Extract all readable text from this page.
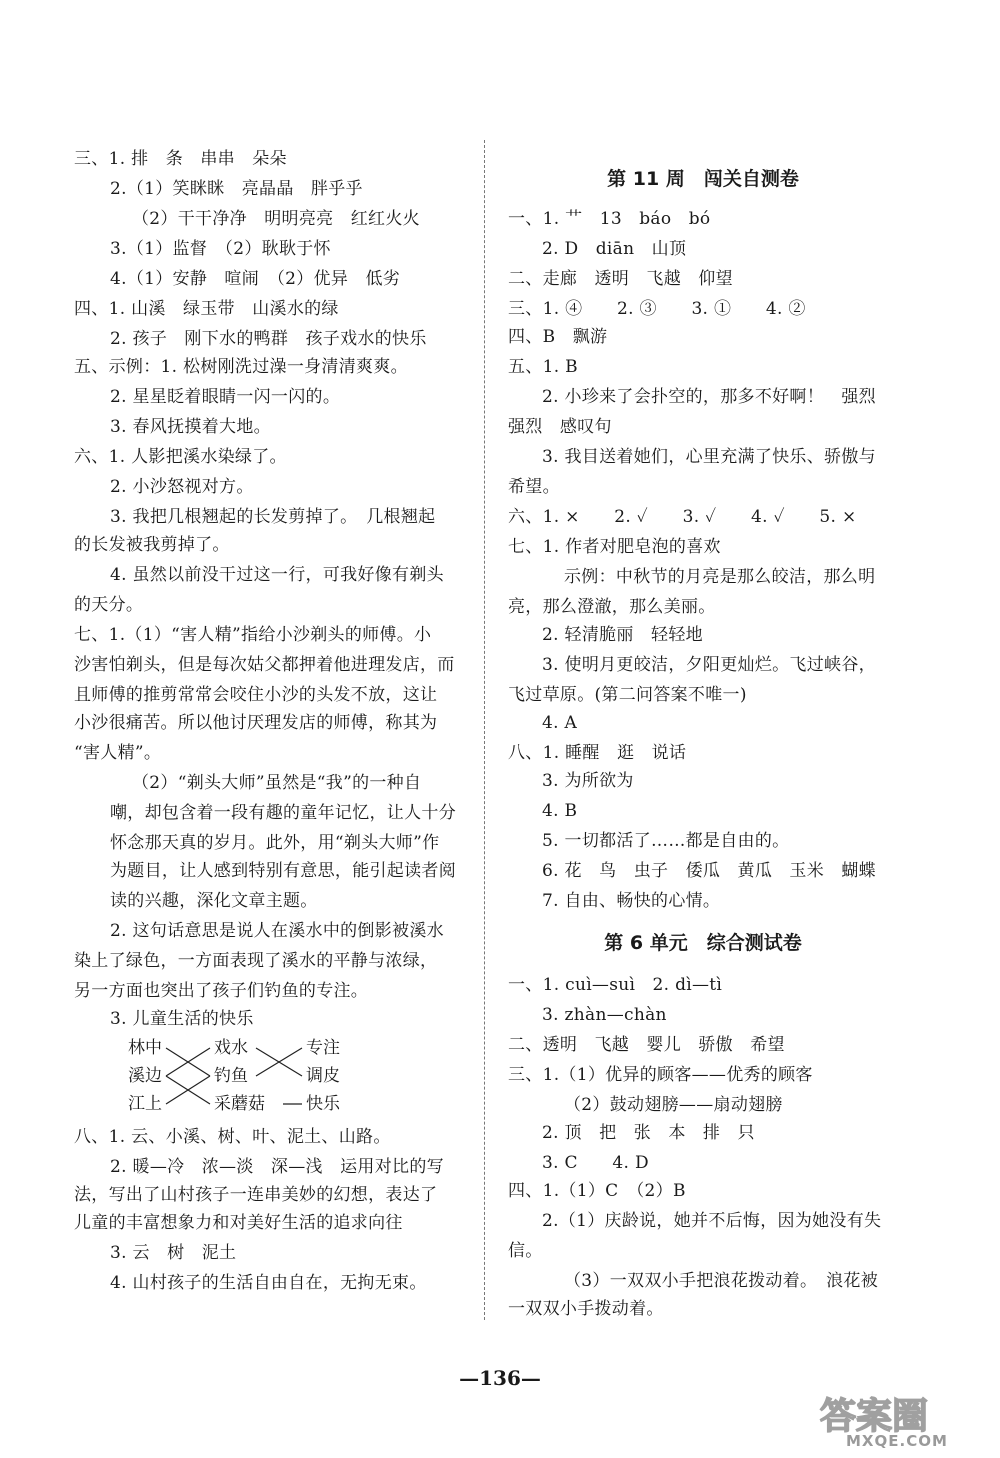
三、1. 排　条　串串　朵朵
2.（1）笑眯眯　亮晶晶　胖乎乎
（2）干干净净　明明亮亮　红红火火
3.（1）监督　（2）耿耿于怀
4.（1）安静　喧闹　（2）优异　低劣
四、1. 山溪　绿玉带　山溪水的绿
2. 孩子　刚下水的鸭群　孩子戏水的快乐
五、示例：1. 松树刚洗过澡一身清清爽爽。
2. 星星眨着眼睛一闪一闪的。
3. 春风抚摸着大地。
六、1. 人影把溪水染绿了。
2. 小沙怒视对方。
3. 我把几根翘起的长发剪掉了。　几根翘起
的长发被我剪掉了。
4. 虽然以前没干过这一行，可我好像有剃头
的天分。
七、1.（1）“害人精”指给小沙剃头的师傅。小
沙害怕剃头，但是每次姑父都押着他进理发店，而
且师傅的推剪常常会咬住小沙的头发不放，这让
小沙很痛苦。所以他讨厌理发店的师傅，称其为
“害人精”。
（2）“剃头大师”虽然是“我”的一种自
嘲，却包含着一段有趣的童年记忆，让人十分
怀念那天真的岁月。此外，用“剃头大师”作
为题目，让人感到特别有意思，能引起读者阅
读的兴趣，深化文章主题。
2. 这句话意思是说人在溪水中的倒影被溪水
染上了绿色，一方面表现了溪水的平静与浓绿，
另一方面也突出了孩子们钓鱼的专注。
3. 儿童生活的快乐
林中
溪边
江上
戏水
钓鱼
采蘑菇
专注
调皮
快乐
八、1. 云、小溪、树、叶、泥土、山路。
2. 暖—冷　浓—淡　深—浅　运用对比的写
法，写出了山村孩子一连串美妙的幻想，表达了
儿童的丰富想象力和对美好生活的追求向往
3. 云　树　泥土
4. 山村孩子的生活自由自在，无拘无束。
第 11 周　闯关自测卷
一、1. 艹　13　báo　bó
2. D　diān　山顶
二、走廊　透明　飞越　仰望
三、1. ④　　2. ③　　3. ①　　4. ②
四、B　飘游
五、1. B
2. 小珍来了会扑空的，那多不好啊！　强烈
强烈　感叹句
3. 我目送着她们，心里充满了快乐、骄傲与
希望。
六、1. ×　　2. ✓　　3. ✓　　4. ✓　　5. ×
七、1. 作者对肥皂泡的喜欢
示例：中秋节的月亮是那么皎洁，那么明
亮，那么澄澈，那么美丽。
2. 轻清脆丽　轻轻地
3. 使明月更皎洁，夕阳更灿烂。飞过峡谷，
飞过草原。(第二问答案不唯一)
4. A
八、1. 睡醒　逛　说话
3. 为所欲为
4. B
5. 一切都活了……都是自由的。
6. 花　鸟　虫子　倭瓜　黄瓜　玉米　蝴蝶
7. 自由、畅快的心情。
第 6 单元　综合测试卷
一、1. cuì—suì　2. dì—tì
3. zhàn—chàn
二、透明　飞越　婴儿　骄傲　希望
三、1.（1）优异的顾客——优秀的顾客
（2）鼓动翅膀——扇动翅膀
2. 顶　把　张　本　排　只
3. C　　4. D
四、1.（1）C　（2）B
2.（1）庆龄说，她并不后悔，因为她没有失
信。
（3）一双双小手把浪花拨动着。　浪花被
一双双小手拨动着。
—136—
答案圈
MXQE.COM
